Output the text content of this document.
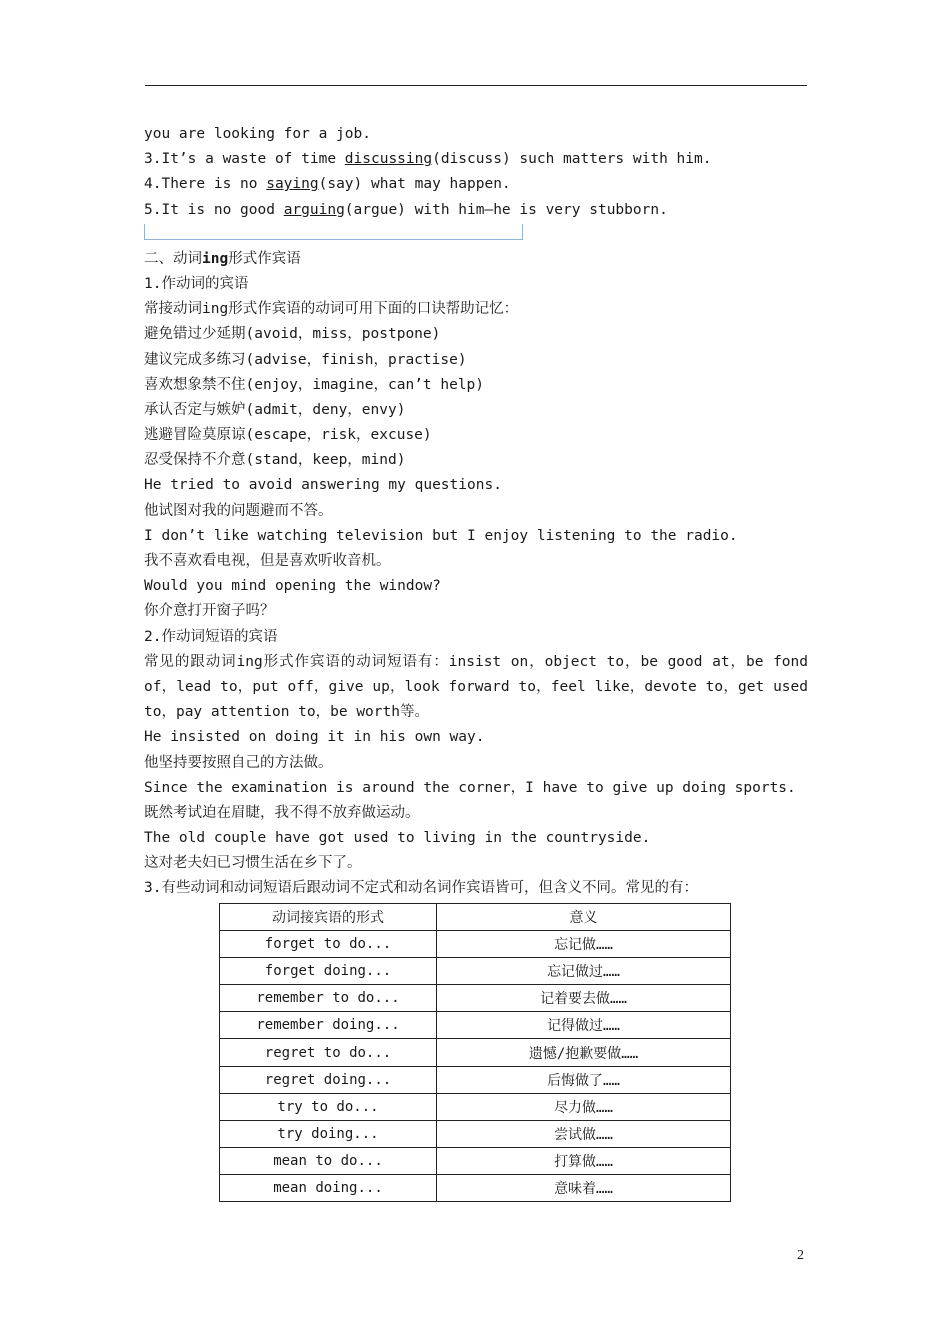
you are looking for a job.
3.It’s a waste of time discussing(discuss) such matters with him.
4.There is no saying(say) what may happen.
5.It is no good arguing(argue) with him—he is very stubborn.
二、动词ing形式作宾语
1.作动词的宾语
常接动词ing形式作宾语的动词可用下面的口诀帮助记忆：
避免错过少延期(avoid，miss，postpone)
建议完成多练习(advise，finish，practise)
喜欢想象禁不住(enjoy，imagine，can’t help)
承认否定与嫉妒(admit，deny，envy)
逃避冒险莫原谅(escape，risk，excuse)
忍受保持不介意(stand，keep，mind)
He tried to avoid answering my questions.
他试图对我的问题避而不答。
I don’t like watching television but I enjoy listening to the radio.
我不喜欢看电视，但是喜欢听收音机。
Would you mind opening the window?
你介意打开窗子吗？
2.作动词短语的宾语
常见的跟动词ing形式作宾语的动词短语有：insist on，object to，be good at，be fond of，lead to，put off，give up，look forward to，feel like，devote to，get used to，pay attention to，be worth等。
He insisted on doing it in his own way.
他坚持要按照自己的方法做。
Since the examination is around the corner，I have to give up doing sports.
既然考试迫在眉睫，我不得不放弃做运动。
The old couple have got used to living in the countryside.
这对老夫妇已习惯生活在乡下了。
3.有些动词和动词短语后跟动词不定式和动名词作宾语皆可，但含义不同。常见的有：
动词接宾语的形式	意义
forget to do...	忘记做……
forget doing...	忘记做过……
remember to do...	记着要去做……
remember doing...	记得做过……
regret to do...	遗憾/抱歉要做……
regret doing...	后悔做了……
try to do...	尽力做……
try doing...	尝试做……
mean to do...	打算做……
mean doing...	意味着……
2
